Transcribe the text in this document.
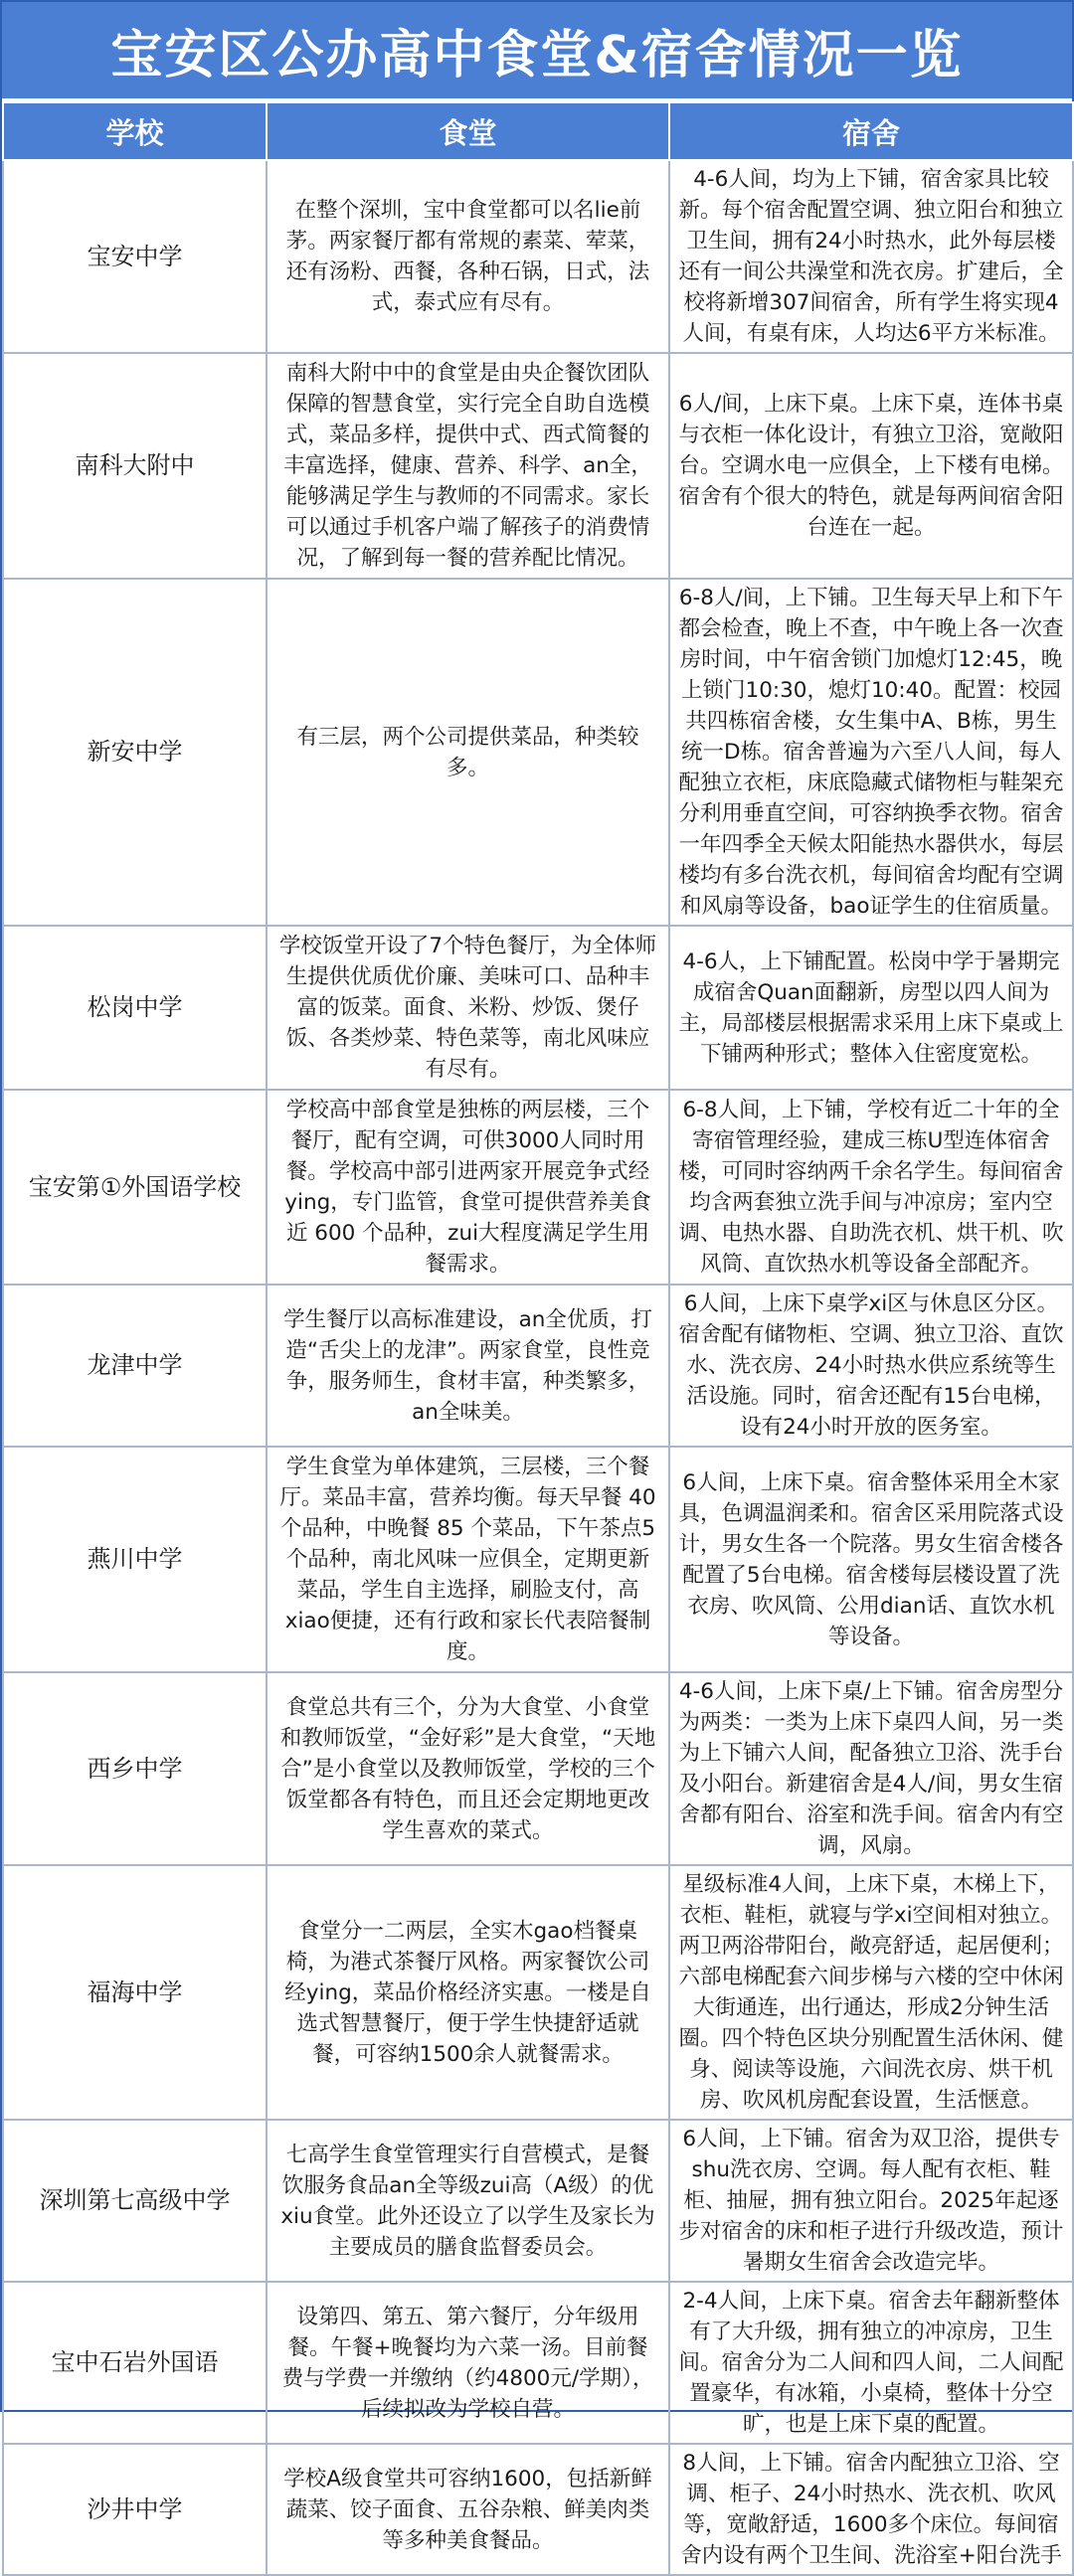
宝安区公办高中食堂&宿舍情况一览
学校	食堂	宿舍
宝安中学	在整个深圳，宝中食堂都可以名lie前茅。两家餐厅都有常规的素菜、荤菜，还有汤粉、西餐，各种石锅，日式，法式，泰式应有尽有。	4-6人间，均为上下铺，宿舍家具比较新。每个宿舍配置空调、独立阳台和独立卫生间，拥有24小时热水，此外每层楼还有一间公共澡堂和洗衣房。扩建后，全校将新增307间宿舍，所有学生将实现4人间，有桌有床，人均达6平方米标准。
南科大附中	南科大附中中的食堂是由央企餐饮团队保障的智慧食堂，实行完全自助自选模式，菜品多样，提供中式、西式简餐的丰富选择，健康、营养、科学、an全，能够满足学生与教师的不同需求。家长可以通过手机客户端了解孩子的消费情况，了解到每一餐的营养配比情况。	6人/间，上床下桌。上床下桌，连体书桌与衣柜一体化设计，有独立卫浴，宽敞阳台。空调水电一应俱全，上下楼有电梯。宿舍有个很大的特色，就是每两间宿舍阳台连在一起。
新安中学	有三层，两个公司提供菜品，种类较多。	6-8人/间，上下铺。卫生每天早上和下午都会检查，晚上不查，中午晚上各一次查房时间，中午宿舍锁门加熄灯12:45，晚上锁门10:30，熄灯10:40。配置：校园共四栋宿舍楼，女生集中A、B栋，男生统一D栋。宿舍普遍为六至八人间，每人配独立衣柜，床底隐藏式储物柜与鞋架充分利用垂直空间，可容纳换季衣物。宿舍一年四季全天候太阳能热水器供水，每层楼均有多台洗衣机，每间宿舍均配有空调和风扇等设备，bao证学生的住宿质量。
松岗中学	学校饭堂开设了7个特色餐厅，为全体师生提供优质优价廉、美味可口、品种丰富的饭菜。面食、米粉、炒饭、煲仔饭、各类炒菜、特色菜等，南北风味应有尽有。	4-6人，上下铺配置。松岗中学于暑期完成宿舍Quan面翻新，房型以四人间为主，局部楼层根据需求采用上床下桌或上下铺两种形式；整体入住密度宽松。
宝安第①外国语学校	学校高中部食堂是独栋的两层楼，三个餐厅，配有空调，可供3000人同时用餐。学校高中部引进两家开展竞争式经ying，专门监管，食堂可提供营养美食近 600 个品种，zui大程度满足学生用餐需求。	6-8人间，上下铺，学校有近二十年的全寄宿管理经验，建成三栋U型连体宿舍楼，可同时容纳两千余名学生。每间宿舍均含两套独立洗手间与冲凉房；室内空调、电热水器、自助洗衣机、烘干机、吹风筒、直饮热水机等设备全部配齐。
龙津中学	学生餐厅以高标准建设，an全优质，打造“舌尖上的龙津”。两家食堂，良性竞争，服务师生，食材丰富，种类繁多，an全味美。	6人间，上床下桌学xi区与休息区分区。宿舍配有储物柜、空调、独立卫浴、直饮水、洗衣房、24小时热水供应系统等生活设施。同时，宿舍还配有15台电梯，设有24小时开放的医务室。
燕川中学	学生食堂为单体建筑，三层楼，三个餐厅。菜品丰富，营养均衡。每天早餐 40 个品种，中晚餐 85 个菜品，下午茶点5 个品种，南北风味一应俱全，定期更新菜品，学生自主选择，刷脸支付，高xiao便捷，还有行政和家长代表陪餐制度。	6人间，上床下桌。宿舍整体采用全木家具，色调温润柔和。宿舍区采用院落式设计，男女生各一个院落。男女生宿舍楼各配置了5台电梯。宿舍楼每层楼设置了洗衣房、吹风筒、公用dian话、直饮水机等设备。
西乡中学	食堂总共有三个，分为大食堂、小食堂和教师饭堂，“金好彩”是大食堂，“天地合”是小食堂以及教师饭堂，学校的三个饭堂都各有特色，而且还会定期地更改学生喜欢的菜式。	4-6人间，上床下桌/上下铺。宿舍房型分为两类：一类为上床下桌四人间，另一类为上下铺六人间，配备独立卫浴、洗手台及小阳台。新建宿舍是4人/间，男女生宿舍都有阳台、浴室和洗手间。宿舍内有空调，风扇。
福海中学	食堂分一二两层，全实木gao档餐桌椅，为港式茶餐厅风格。两家餐饮公司经ying，菜品价格经济实惠。一楼是自选式智慧餐厅，便于学生快捷舒适就餐，可容纳1500余人就餐需求。	星级标准4人间，上床下桌，木梯上下，衣柜、鞋柜，就寝与学xi空间相对独立。两卫两浴带阳台，敞亮舒适，起居便利；六部电梯配套六间步梯与六楼的空中休闲大街通连，出行通达，形成2分钟生活圈。四个特色区块分别配置生活休闲、健身、阅读等设施，六间洗衣房、烘干机房、吹风机房配套设置，生活惬意。
深圳第七高级中学	七高学生食堂管理实行自营模式，是餐饮服务食品an全等级zui高（A级）的优xiu食堂。此外还设立了以学生及家长为主要成员的膳食监督委员会。	6人间，上下铺。宿舍为双卫浴，提供专shu洗衣房、空调。每人配有衣柜、鞋柜、抽屉，拥有独立阳台。2025年起逐步对宿舍的床和柜子进行升级改造，预计暑期女生宿舍会改造完毕。
宝中石岩外国语	设第四、第五、第六餐厅，分年级用餐。午餐+晚餐均为六菜一汤。目前餐费与学费一并缴纳（约4800元/学期），后续拟改为学校自营。	2-4人间，上床下桌。宿舍去年翻新整体有了大升级，拥有独立的冲凉房，卫生间。宿舍分为二人间和四人间，二人间配置豪华，有冰箱，小桌椅，整体十分空旷，也是上床下桌的配置。
沙井中学	学校A级食堂共可容纳1600，包括新鲜蔬菜、饺子面食、五谷杂粮、鲜美肉类等多种美食餐品。	8人间，上下铺。宿舍内配独立卫浴、空调、柜子、24小时热水、洗衣机、吹风等，宽敞舒适，1600多个床位。每间宿舍内设有两个卫生间、洗浴室+阳台洗手
